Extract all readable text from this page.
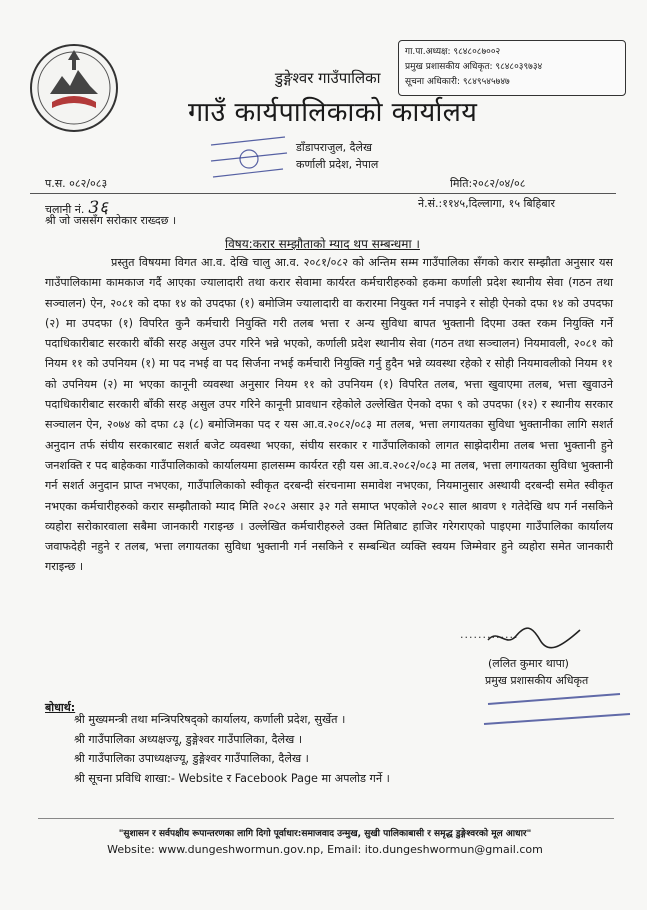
डुङ्गेश्वर गाउँपालिका
गाउँ कार्यपालिकाको कार्यालय
डाँडापराजुल, दैलेख
कर्णाली प्रदेश, नेपाल
गा.पा.अध्यक्ष: ९८४८०८७००२
प्रमुख प्रशासकीय अधिकृत: ९८४८०३९७३४
सूचना अधिकारी: ९८४९५४५७४७
प.स. ०८२/०८३
चलानी नं. 3६
मिति:२०८२/०४/०८
ने.सं.:११४५,दिल्लागा, १५ बिहिबार
श्री जो जससँग सरोकार राख्दछ ।
विषय:करार सम्झौताको म्याद थप सम्बन्धमा ।

प्रस्तुत विषयमा विगत आ.व. देखि चालु आ.व. २०८१/०८२ को अन्तिम सम्म गाउँपालिका सँगको करार सम्झौता अनुसार यस गाउँपालिकामा कामकाज गर्दै आएका ज्यालादारी तथा करार सेवामा कार्यरत कर्मचारीहरुको हकमा कर्णाली प्रदेश स्थानीय सेवा (गठन तथा सञ्चालन) ऐन, २०८१ को दफा १४ को उपदफा (१) बमोजिम ज्यालादारी वा करारमा नियुक्त गर्न नपाइने र सोही ऐनको दफा १४ को उपदफा (२) मा उपदफा (१) विपरित कुनै कर्मचारी नियुक्ति गरी तलब भत्ता र अन्य सुविधा बापत भुक्तानी दिएमा उक्त रकम नियुक्ति गर्ने पदाधिकारीबाट सरकारी बाँकी सरह असुल उपर गरिने भन्ने भएको, कर्णाली प्रदेश स्थानीय सेवा (गठन तथा सञ्चालन) नियमावली, २०८१ को नियम ११ को उपनियम (१) मा पद नभई वा पद सिर्जना नभई कर्मचारी नियुक्ति गर्नु हुदैन भन्ने व्यवस्था रहेको र सोही नियमावलीको नियम ११ को उपनियम (२) मा भएका कानूनी व्यवस्था अनुसार नियम ११ को उपनियम (१) विपरित तलब, भत्ता खुवाएमा तलब, भत्ता खुवाउने पदाधिकारीबाट सरकारी बाँकी सरह असुल उपर गरिने कानूनी प्रावधान रहेकोले उल्लेखित ऐनको दफा ९ को उपदफा (१२) र स्थानीय सरकार सञ्चालन ऐन, २०७४ को दफा ८३ (८) बमोजिमका पद र यस आ.व.२०८२/०८३ मा तलब, भत्ता लगायतका सुविधा भुक्तानीका लागि सशर्त अनुदान तर्फ संघीय सरकारबाट सशर्त बजेट व्यवस्था भएका, संघीय सरकार र गाउँपालिकाको लागत साझेदारीमा तलब भत्ता भुक्तानी हुने जनशक्ति र पद बाहेकका गाउँपालिकाको कार्यालयमा हालसम्म कार्यरत रही यस आ.व.२०८२/०८३ मा तलब, भत्ता लगायतका सुविधा भुक्तानी गर्न सशर्त अनुदान प्राप्त नभएका, गाउँपालिकाको स्वीकृत दरबन्दी संरचनामा समावेश नभएका, नियमानुसार अस्थायी दरबन्दी समेत स्वीकृत नभएका कर्मचारीहरुको करार सम्झौताको म्याद मिति २०८२ असार ३२ गते समाप्त भएकोले २०८२ साल श्रावण १ गतेदेखि थप गर्न नसकिने व्यहोरा सरोकारवाला सबैमा जानकारी गराइन्छ । उल्लेखित कर्मचारीहरुले उक्त मितिबाट हाजिर गरेगराएको पाइएमा गाउँपालिका कार्यालय जवाफदेही नहुने र तलब, भत्ता लगायतका सुविधा भुक्तानी गर्न नसकिने र सम्बन्धित व्यक्ति स्वयम जिम्मेवार हुने व्यहोरा समेत जानकारी गराइन्छ ।

.............
(ललित कुमार थापा)
प्रमुख प्रशासकीय अधिकृत
बोधार्थ:
श्री मुख्यमन्त्री तथा मन्त्रिपरिषद्को कार्यालय, कर्णाली प्रदेश, सुर्खेत ।
श्री गाउँपालिका अध्यक्षज्यू, डुङ्गेश्वर गाउँपालिका, दैलेख ।
श्री गाउँपालिका उपाध्यक्षज्यू, डुङ्गेश्वर गाउँपालिका, दैलेख ।
श्री सूचना प्रविधि शाखा:- Website र Facebook Page मा अपलोड गर्ने ।
"सुशासन र सर्वपक्षीय रूपान्तरणका लागि दिगो पूर्वाधार:समाजवाद उन्मुख, सुखी पालिकाबासी र समृद्ध डुङ्गेश्वरको मूल आधार"
Website: www.dungeshwormun.gov.np, Email: ito.dungeshwormun@gmail.com
